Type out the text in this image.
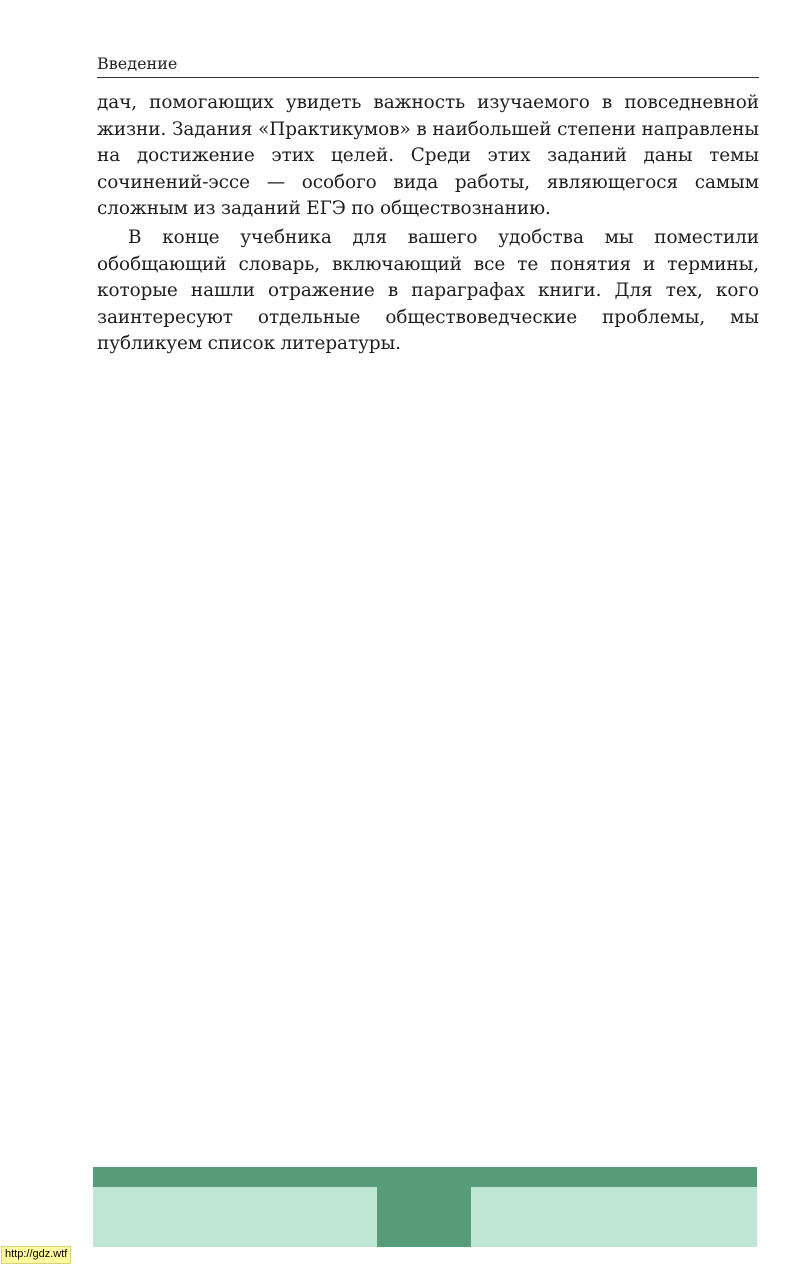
Введение

дач, помогающих увидеть важность изучаемого в повседневной жизни. Задания «Практикумов» в наибольшей степени направлены на достижение этих целей. Среди этих заданий даны темы сочинений-эссе — особого вида работы, являющегося самым сложным из заданий ЕГЭ по обществознанию.

В конце учебника для вашего удобства мы поместили обобщающий словарь, включающий все те понятия и термины, которые нашли отражение в параграфах книги. Для тех, кого заинтересуют отдельные обществоведческие проблемы, мы публикуем список литературы.

http://gdz.wtf
